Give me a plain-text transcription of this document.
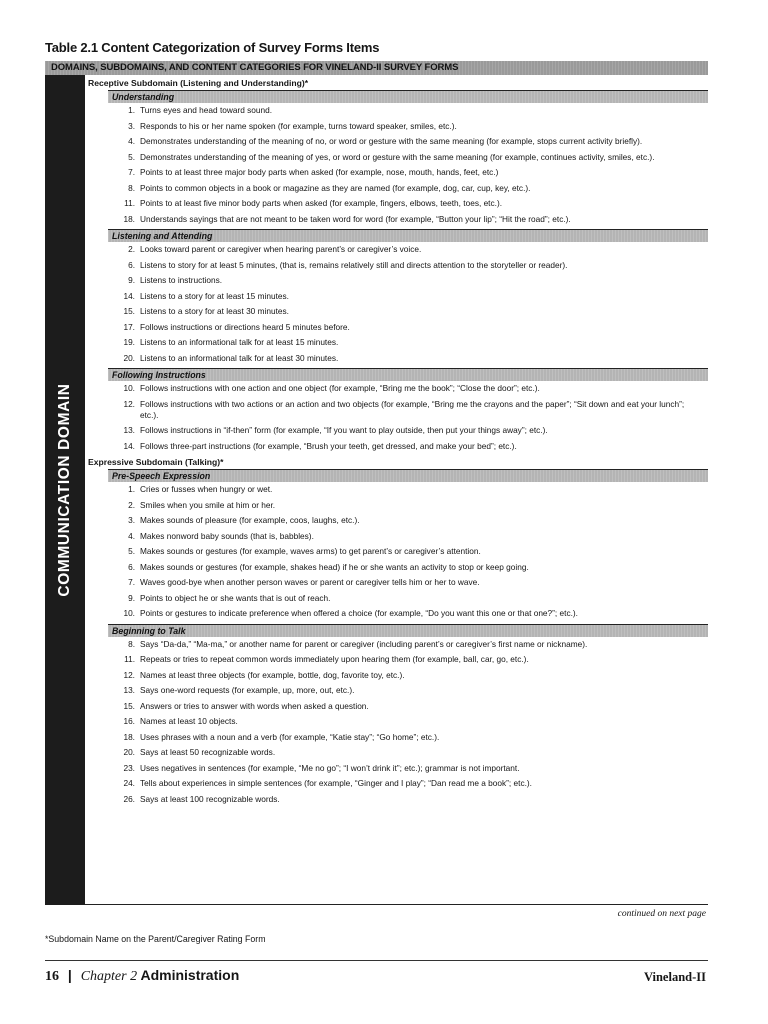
Table 2.1 Content Categorization of Survey Forms Items
DOMAINS, SUBDOMAINS, AND CONTENT CATEGORIES FOR VINELAND-II SURVEY FORMS
COMMUNICATION DOMAIN
Receptive Subdomain (Listening and Understanding)*
Understanding
1. Turns eyes and head toward sound.
3. Responds to his or her name spoken (for example, turns toward speaker, smiles, etc.).
4. Demonstrates understanding of the meaning of no, or word or gesture with the same meaning (for example, stops current activity briefly).
5. Demonstrates understanding of the meaning of yes, or word or gesture with the same meaning (for example, continues activity, smiles, etc.).
7. Points to at least three major body parts when asked (for example, nose, mouth, hands, feet, etc.)
8. Points to common objects in a book or magazine as they are named (for example, dog, car, cup, key, etc.).
11. Points to at least five minor body parts when asked (for example, fingers, elbows, teeth, toes, etc.).
18. Understands sayings that are not meant to be taken word for word (for example, “Button your lip”; “Hit the road”; etc.).
Listening and Attending
2. Looks toward parent or caregiver when hearing parent’s or caregiver’s voice.
6. Listens to story for at least 5 minutes, (that is, remains relatively still and directs attention to the storyteller or reader).
9. Listens to instructions.
14. Listens to a story for at least 15 minutes.
15. Listens to a story for at least 30 minutes.
17. Follows instructions or directions heard 5 minutes before.
19. Listens to an informational talk for at least 15 minutes.
20. Listens to an informational talk for at least 30 minutes.
Following Instructions
10. Follows instructions with one action and one object (for example, “Bring me the book”; “Close the door”; etc.).
12. Follows instructions with two actions or an action and two objects (for example, “Bring me the crayons and the paper”; “Sit down and eat your lunch”; etc.).
13. Follows instructions in “if-then” form (for example, “If you want to play outside, then put your things away”; etc.).
14. Follows three-part instructions (for example, “Brush your teeth, get dressed, and make your bed”; etc.).
Expressive Subdomain (Talking)*
Pre-Speech Expression
1. Cries or fusses when hungry or wet.
2. Smiles when you smile at him or her.
3. Makes sounds of pleasure (for example, coos, laughs, etc.).
4. Makes nonword baby sounds (that is, babbles).
5. Makes sounds or gestures (for example, waves arms) to get parent’s or caregiver’s attention.
6. Makes sounds or gestures (for example, shakes head) if he or she wants an activity to stop or keep going.
7. Waves good-bye when another person waves or parent or caregiver tells him or her to wave.
9. Points to object he or she wants that is out of reach.
10. Points or gestures to indicate preference when offered a choice (for example, “Do you want this one or that one?”; etc.).
Beginning to Talk
8. Says “Da-da,” “Ma-ma,” or another name for parent or caregiver (including parent’s or caregiver’s first name or nickname).
11. Repeats or tries to repeat common words immediately upon hearing them (for example, ball, car, go, etc.).
12. Names at least three objects (for example, bottle, dog, favorite toy, etc.).
13. Says one-word requests (for example, up, more, out, etc.).
15. Answers or tries to answer with words when asked a question.
16. Names at least 10 objects.
18. Uses phrases with a noun and a verb (for example, “Katie stay”; “Go home”; etc.).
20. Says at least 50 recognizable words.
23. Uses negatives in sentences (for example, “Me no go”; “I won’t drink it”; etc.); grammar is not important.
24. Tells about experiences in simple sentences (for example, “Ginger and I play”; “Dan read me a book”; etc.).
26. Says at least 100 recognizable words.
continued on next page
*Subdomain Name on the Parent/Caregiver Rating Form
16 | Chapter 2 Administration	Vineland-II
